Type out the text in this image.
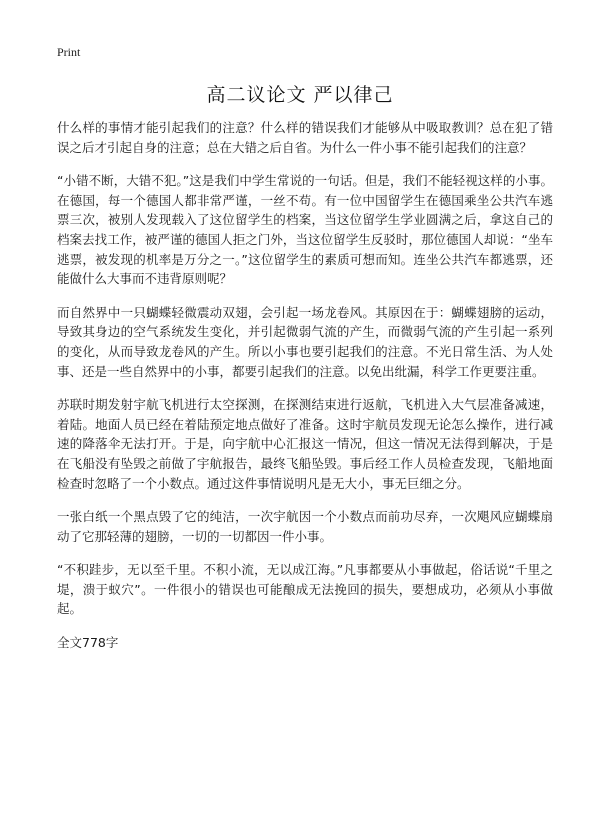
Print
高二议论文 严以律己

什么样的事情才能引起我们的注意？什么样的错误我们才能够从中吸取教训？总在犯了错误之后才引起自身的注意；总在大错之后自省。为什么一件小事不能引起我们的注意？

“小错不断，大错不犯。”这是我们中学生常说的一句话。但是，我们不能轻视这样的小事。在德国，每一个德国人都非常严谨，一丝不苟。有一位中国留学生在德国乘坐公共汽车逃票三次，被别人发现载入了这位留学生的档案，当这位留学生学业圆满之后，拿这自己的档案去找工作，被严谨的德国人拒之门外，当这位留学生反驳时，那位德国人却说：“坐车逃票，被发现的机率是万分之一。”这位留学生的素质可想而知。连坐公共汽车都逃票，还能做什么大事而不违背原则呢？

而自然界中一只蝴蝶轻微震动双翅，会引起一场龙卷风。其原因在于：蝴蝶翅膀的运动，导致其身边的空气系统发生变化，并引起微弱气流的产生，而微弱气流的产生引起一系列的变化，从而导致龙卷风的产生。所以小事也要引起我们的注意。不光日常生活、为人处事、还是一些自然界中的小事，都要引起我们的注意。以免出纰漏，科学工作更要注重。

苏联时期发射宇航飞机进行太空探测，在探测结束进行返航，飞机进入大气层准备减速，着陆。地面人员已经在着陆预定地点做好了准备。这时宇航员发现无论怎么操作，进行减速的降落伞无法打开。于是，向宇航中心汇报这一情况，但这一情况无法得到解决，于是在飞船没有坠毁之前做了宇航报告，最终飞船坠毁。事后经工作人员检查发现，飞船地面检查时忽略了一个小数点。通过这件事情说明凡是无大小，事无巨细之分。

一张白纸一个黑点毁了它的纯洁，一次宇航因一个小数点而前功尽弃，一次飓风应蝴蝶扇动了它那轻薄的翅膀，一切的一切都因一件小事。

“不积跬步，无以至千里。不积小流，无以成江海。”凡事都要从小事做起，俗话说“千里之堤，溃于蚁穴”。一件很小的错误也可能酿成无法挽回的损失，要想成功，必须从小事做起。

全文778字
